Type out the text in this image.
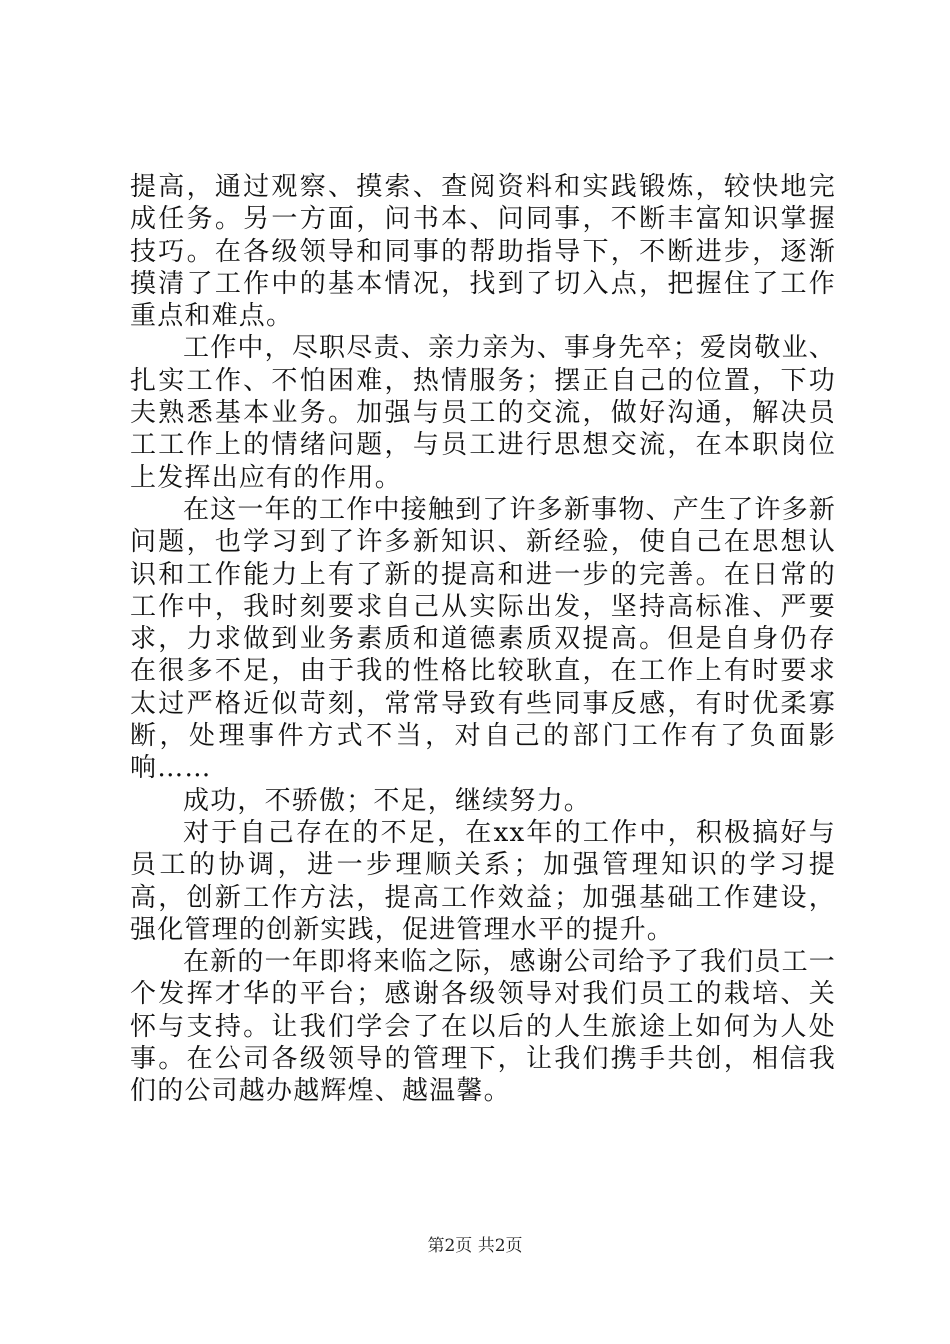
提高，通过观察、摸索、查阅资料和实践锻炼，较快地完成任务。另一方面，问书本、问同事，不断丰富知识掌握技巧。在各级领导和同事的帮助指导下，不断进步，逐渐摸清了工作中的基本情况，找到了切入点，把握住了工作重点和难点。

工作中，尽职尽责、亲力亲为、事身先卒；爱岗敬业、扎实工作、不怕困难，热情服务；摆正自己的位置，下功夫熟悉基本业务。加强与员工的交流，做好沟通，解决员工工作上的情绪问题，与员工进行思想交流，在本职岗位上发挥出应有的作用。

在这一年的工作中接触到了许多新事物、产生了许多新问题，也学习到了许多新知识、新经验，使自己在思想认识和工作能力上有了新的提高和进一步的完善。在日常的工作中，我时刻要求自己从实际出发，坚持高标准、严要求，力求做到业务素质和道德素质双提高。但是自身仍存在很多不足，由于我的性格比较耿直，在工作上有时要求太过严格近似苛刻，常常导致有些同事反感，有时优柔寡断，处理事件方式不当，对自己的部门工作有了负面影响……

成功，不骄傲；不足，继续努力。

对于自己存在的不足，在xx年的工作中，积极搞好与员工的协调，进一步理顺关系；加强管理知识的学习提高，创新工作方法，提高工作效益；加强基础工作建设，强化管理的创新实践，促进管理水平的提升。

在新的一年即将来临之际，感谢公司给予了我们员工一个发挥才华的平台；感谢各级领导对我们员工的栽培、关怀与支持。让我们学会了在以后的人生旅途上如何为人处事。在公司各级领导的管理下，让我们携手共创，相信我们的公司越办越辉煌、越温馨。

第2页 共2页
